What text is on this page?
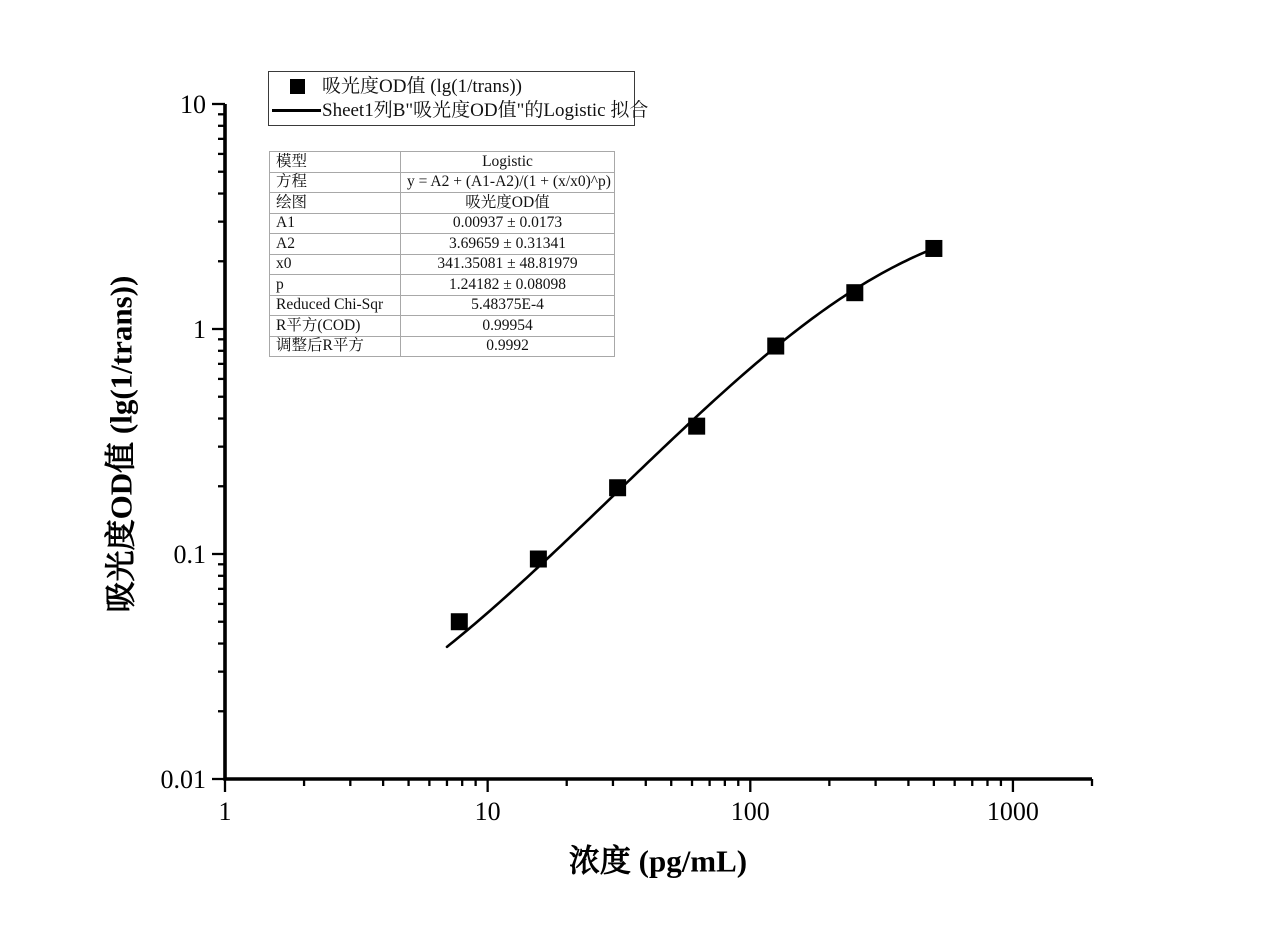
1	10	100	1000
10
1
0.1
0.01
吸光度OD值 (lg(1/trans))
浓度 (pg/mL)
吸光度OD值 (lg(1/trans))
Sheet1列B"吸光度OD值"的Logistic 拟合
模型	Logistic
方程	y = A2 + (A1-A2)/(1 + (x/x0)^p)
绘图	吸光度OD值
A1	0.00937 ± 0.0173
A2	3.69659 ± 0.31341
x0	341.35081 ± 48.81979
p	1.24182 ± 0.08098
Reduced Chi-Sqr	5.48375E-4
R平方(COD)	0.99954
调整后R平方	0.9992
